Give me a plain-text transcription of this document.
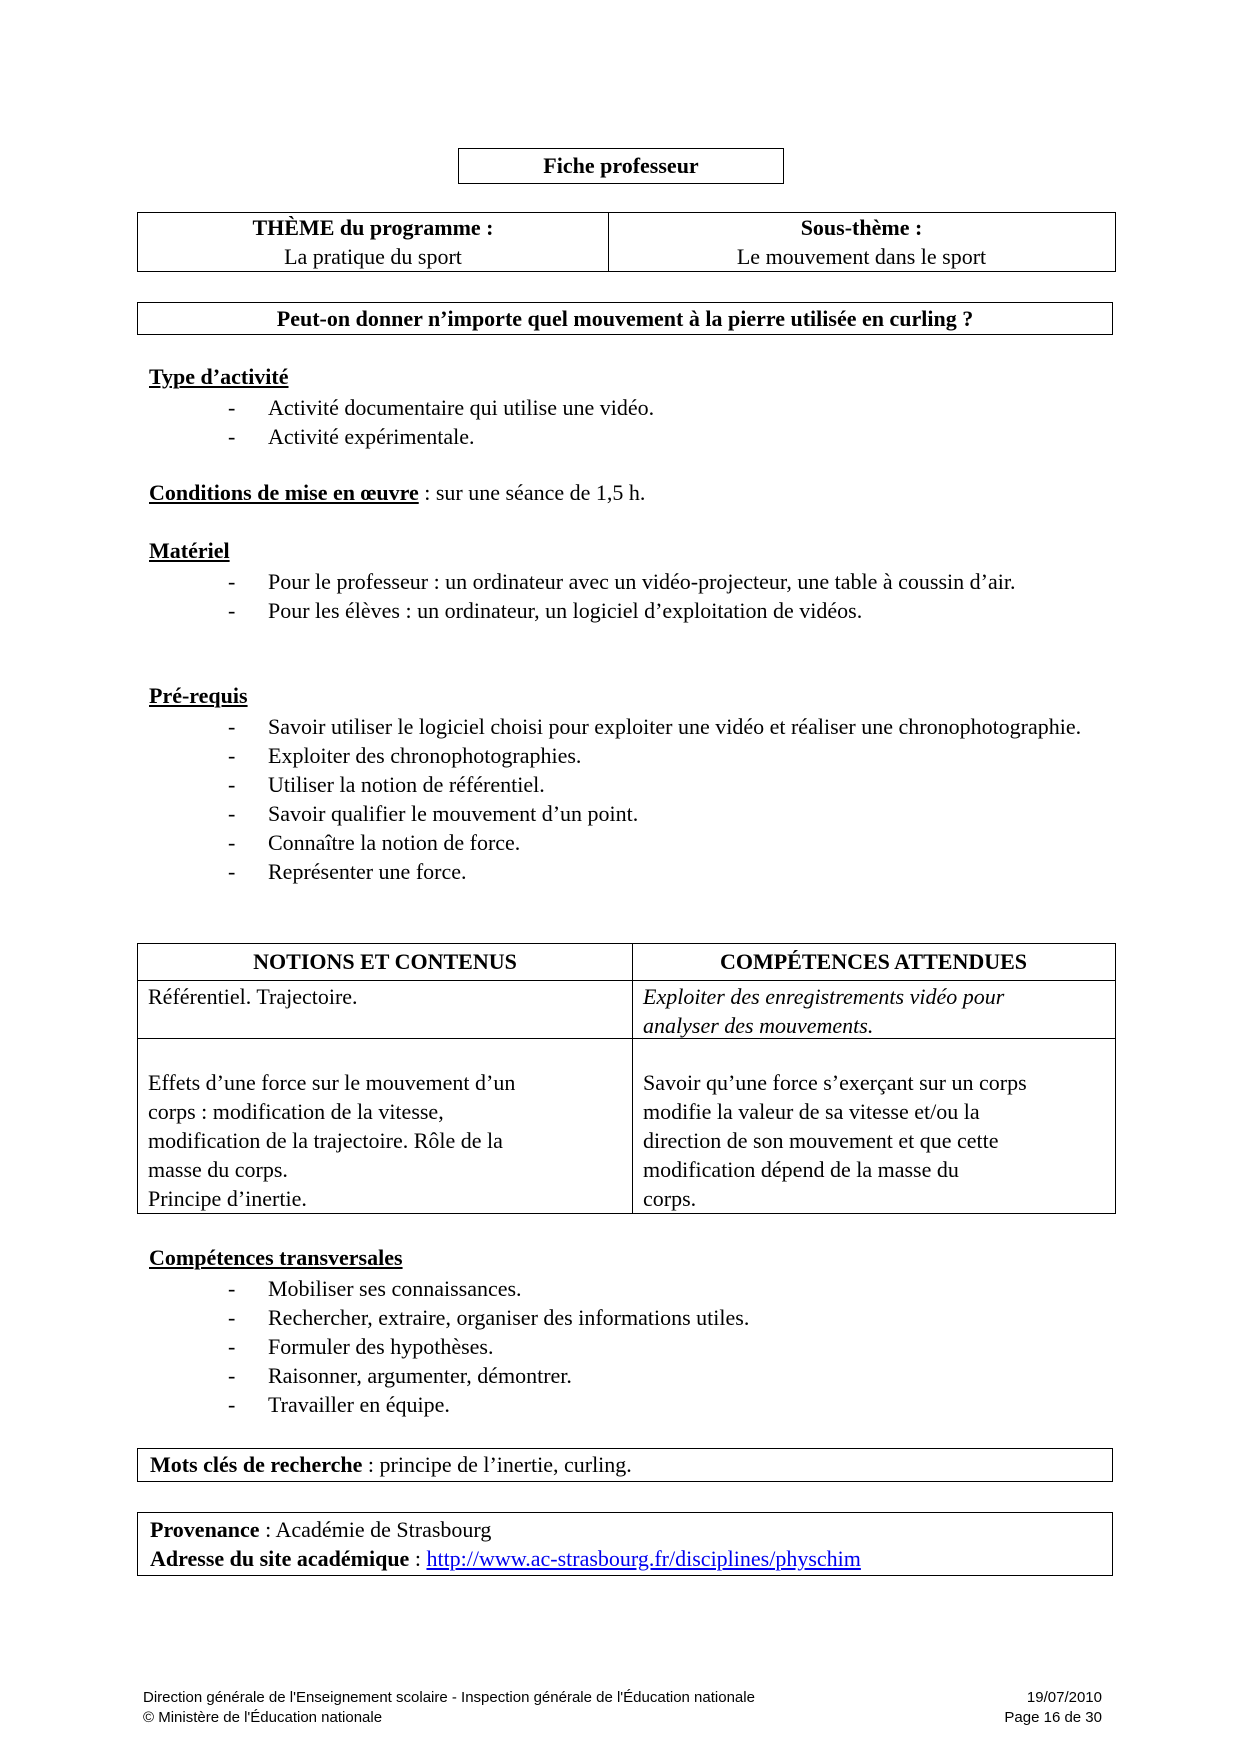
Fiche professeur
THÈME du programme :
La pratique du sport
Sous-thème :
Le mouvement dans le sport
Peut-on donner n’importe quel mouvement à la pierre utilisée en curling ?
Type d’activité
- Activité documentaire qui utilise une vidéo.
- Activité expérimentale.
Conditions de mise en œuvre : sur une séance de 1,5 h.
Matériel
- Pour le professeur : un ordinateur avec un vidéo-projecteur, une table à coussin d’air.
- Pour les élèves : un ordinateur, un logiciel d’exploitation de vidéos.
Pré-requis
- Savoir utiliser le logiciel choisi pour exploiter une vidéo et réaliser une chronophotographie.
- Exploiter des chronophotographies.
- Utiliser la notion de référentiel.
- Savoir qualifier le mouvement d’un point.
- Connaître la notion de force.
- Représenter une force.
NOTIONS ET CONTENUS	COMPÉTENCES ATTENDUES
Référentiel. Trajectoire.	Exploiter des enregistrements vidéo pour
analyser des mouvements.
Effets d’une force sur le mouvement d’un
corps : modification de la vitesse,
modification de la trajectoire. Rôle de la
masse du corps.
Principe d’inertie.
Savoir qu’une force s’exerçant sur un corps
modifie la valeur de sa vitesse et/ou la
direction de son mouvement et que cette
modification dépend de la masse du
corps.
Compétences transversales
- Mobiliser ses connaissances.
- Rechercher, extraire, organiser des informations utiles.
- Formuler des hypothèses.
- Raisonner, argumenter, démontrer.
- Travailler en équipe.
Mots clés de recherche : principe de l’inertie, curling.
Provenance : Académie de Strasbourg
Adresse du site académique : http://www.ac-strasbourg.fr/disciplines/physchim
Direction générale de l'Enseignement scolaire - Inspection générale de l'Éducation nationale
© Ministère de l'Éducation nationale
19/07/2010
Page 16 de 30
